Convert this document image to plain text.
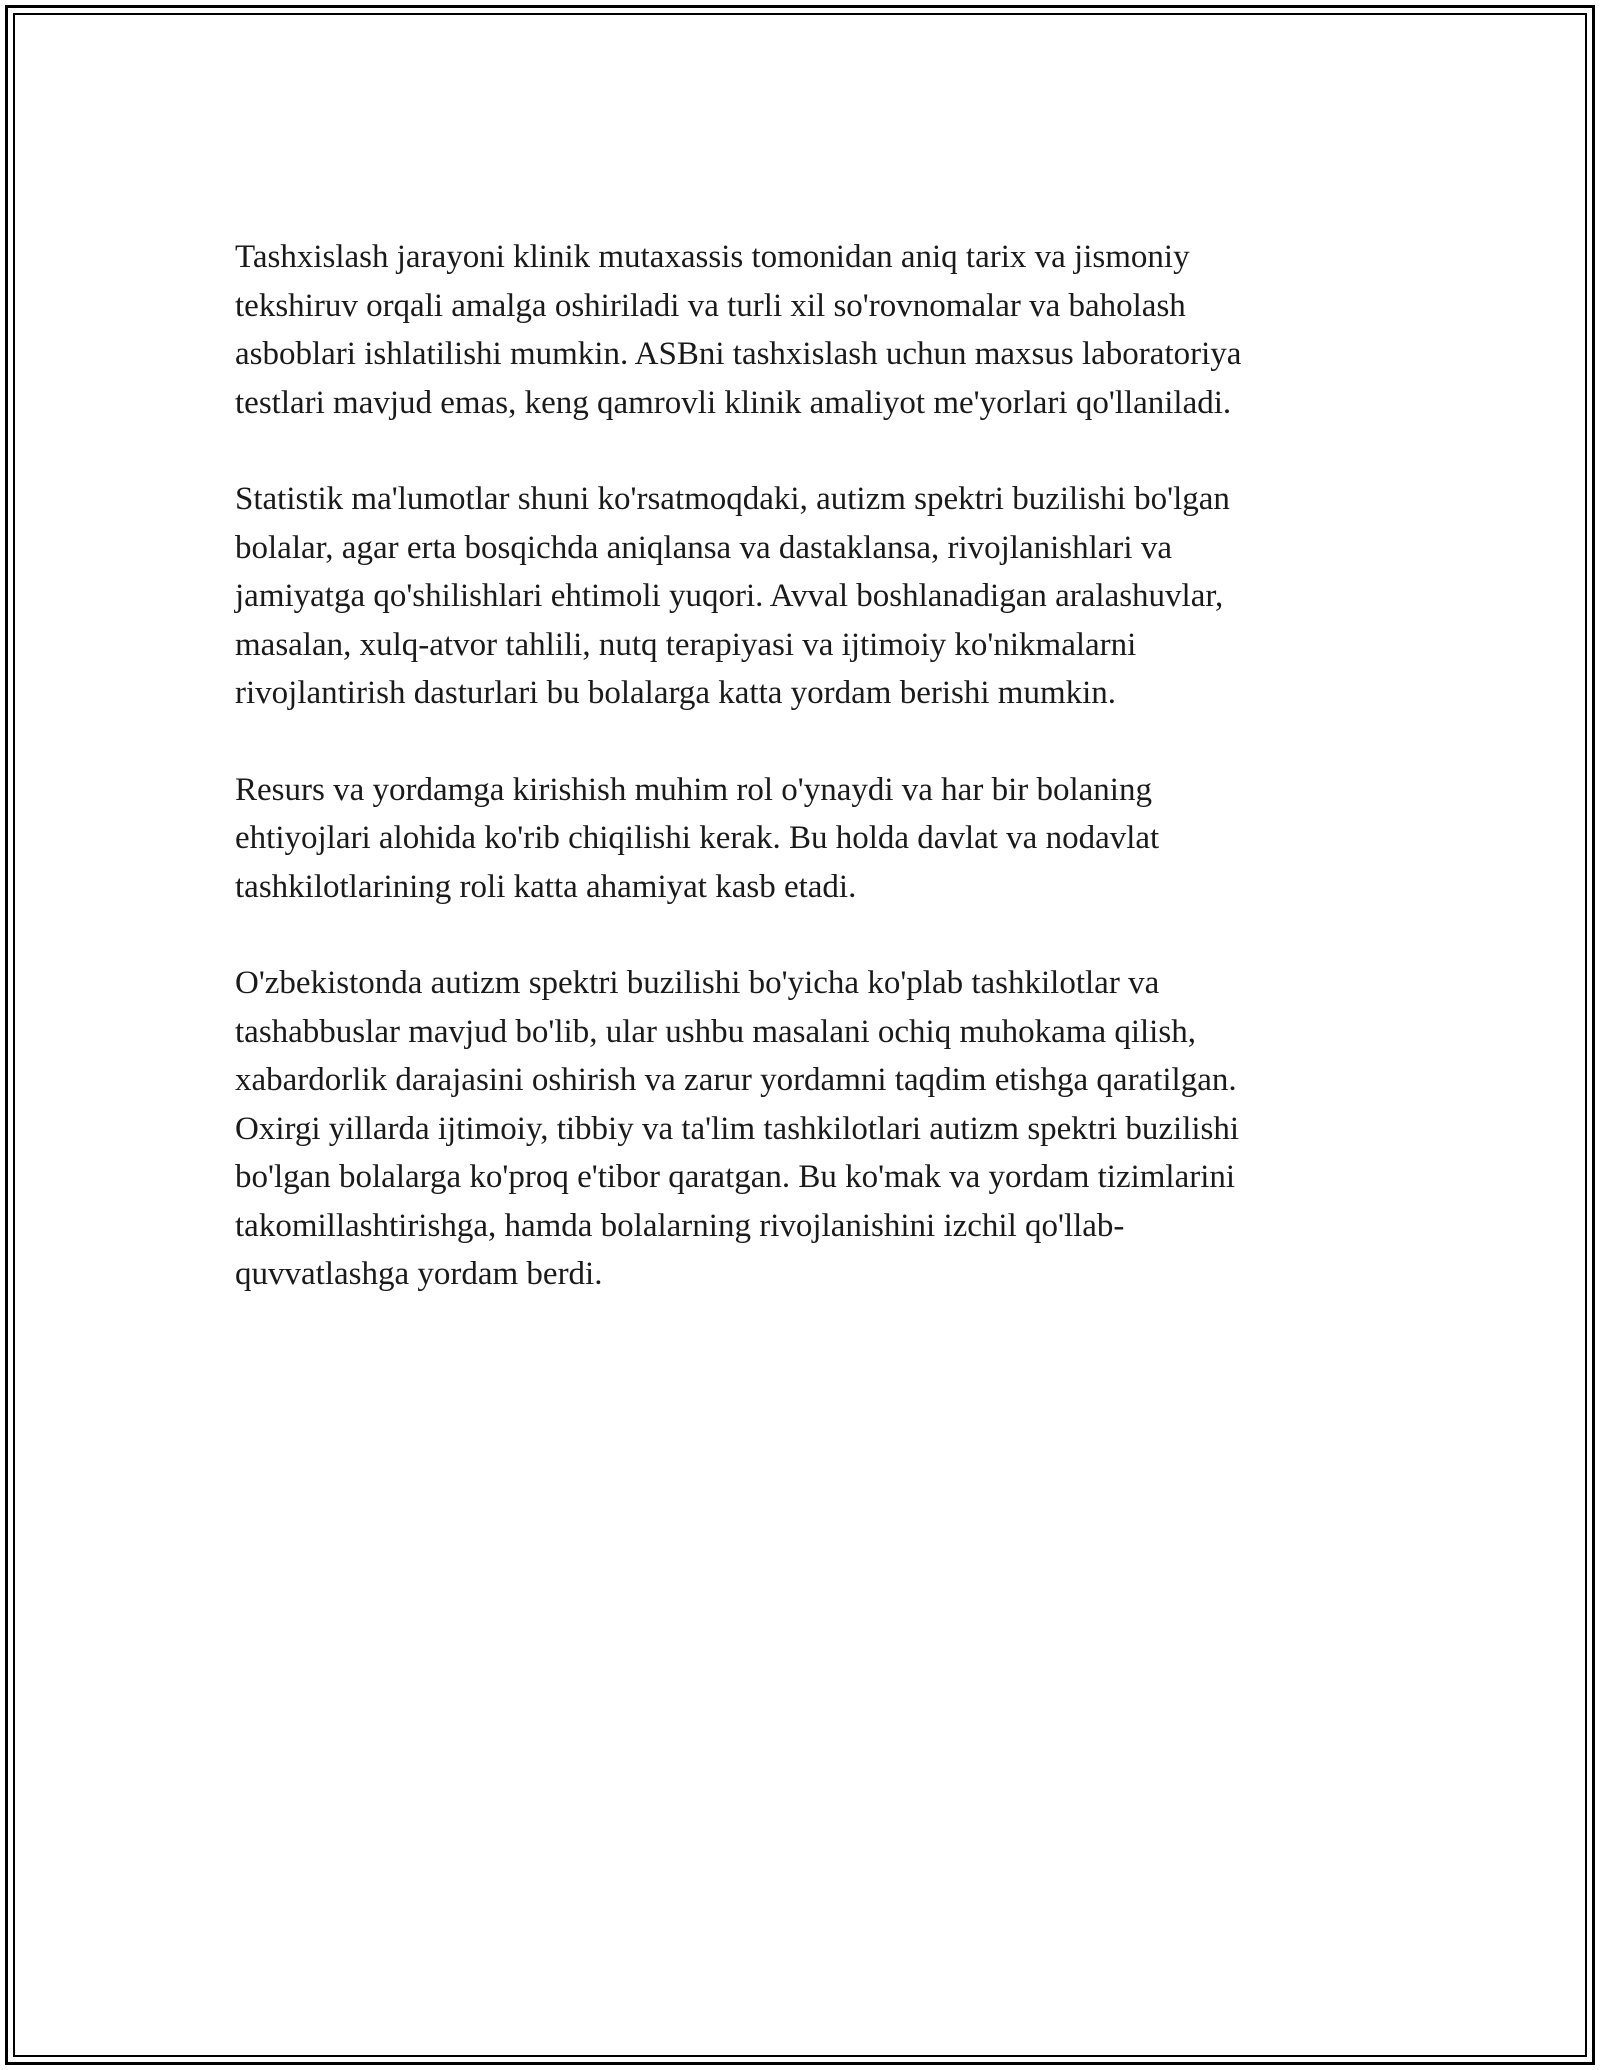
Tashxislash jarayoni klinik mutaxassis tomonidan aniq tarix va jismoniy
tekshiruv orqali amalga oshiriladi va turli xil so'rovnomalar va baholash
asboblari ishlatilishi mumkin. ASBni tashxislash uchun maxsus laboratoriya
testlari mavjud emas, keng qamrovli klinik amaliyot me'yorlari qo'llaniladi.

Statistik ma'lumotlar shuni ko'rsatmoqdaki, autizm spektri buzilishi bo'lgan
bolalar, agar erta bosqichda aniqlansa va dastaklansa, rivojlanishlari va
jamiyatga qo'shilishlari ehtimoli yuqori. Avval boshlanadigan aralashuvlar,
masalan, xulq-atvor tahlili, nutq terapiyasi va ijtimoiy ko'nikmalarni
rivojlantirish dasturlari bu bolalarga katta yordam berishi mumkin.

Resurs va yordamga kirishish muhim rol o'ynaydi va har bir bolaning
ehtiyojlari alohida ko'rib chiqilishi kerak. Bu holda davlat va nodavlat
tashkilotlarining roli katta ahamiyat kasb etadi.

O'zbekistonda autizm spektri buzilishi bo'yicha ko'plab tashkilotlar va
tashabbuslar mavjud bo'lib, ular ushbu masalani ochiq muhokama qilish,
xabardorlik darajasini oshirish va zarur yordamni taqdim etishga qaratilgan.
Oxirgi yillarda ijtimoiy, tibbiy va ta'lim tashkilotlari autizm spektri buzilishi
bo'lgan bolalarga ko'proq e'tibor qaratgan. Bu ko'mak va yordam tizimlarini
takomillashtirishga, hamda bolalarning rivojlanishini izchil qo'llab-
quvvatlashga yordam berdi.
